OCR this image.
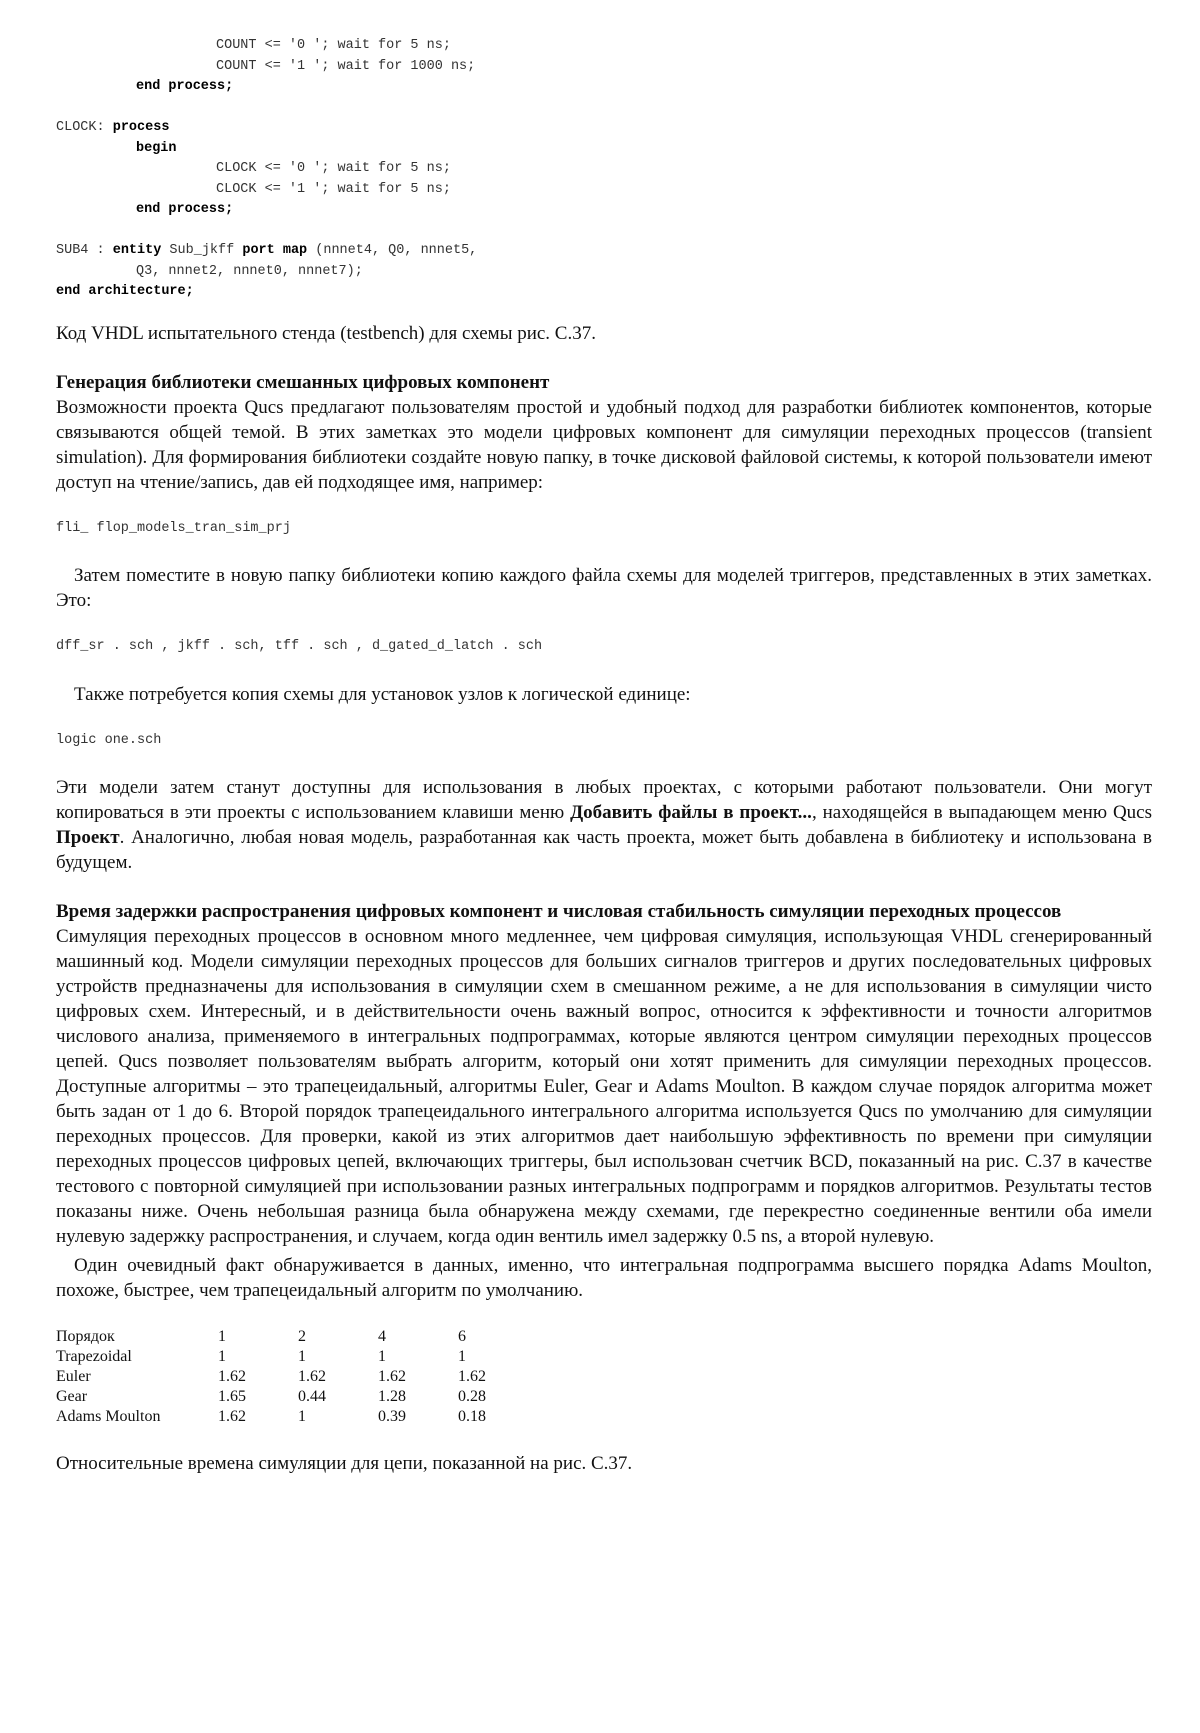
COUNT <= '0 '; wait for 5 ns;
COUNT <= '1 '; wait for 1000 ns;
end process;

CLOCK: process
begin
CLOCK <= '0 '; wait for 5 ns;
CLOCK <= '1 '; wait for 5 ns;
end process;

SUB4 : entity Sub_jkff port map (nnnet4, Q0, nnnet5,
Q3, nnnet2, nnnet0, nnnet7);
end architecture;

Код VHDL испытательного стенда (testbench) для схемы рис. C.37.

Генерация библиотеки смешанных цифровых компонент

Возможности проекта Qucs предлагают пользователям простой и удобный подход для разработки библиотек компонентов, которые связываются общей темой. В этих заметках это модели цифровых компонент для симуляции переходных процессов (transient simulation). Для формирования библиотеки создайте новую папку, в точке дисковой файловой системы, к которой пользователи имеют доступ на чтение/запись, дав ей подходящее имя, например:

fli_ flop_models_tran_sim_prj

Затем поместите в новую папку библиотеки копию каждого файла схемы для моделей триггеров, представленных в этих заметках. Это:

dff_sr . sch , jkff . sch, tff . sch , d_gated_d_latch . sch

Также потребуется копия схемы для установок узлов к логической единице:

logic one.sch

Эти модели затем станут доступны для использования в любых проектах, с которыми работают пользователи. Они могут копироваться в эти проекты с использованием клавиши меню Добавить файлы в проект..., находящейся в выпадающем меню Qucs Проект. Аналогично, любая новая модель, разработанная как часть проекта, может быть добавлена в библиотеку и использована в будущем.

Время задержки распространения цифровых компонент и числовая стабильность симуляции переходных процессов

Симуляция переходных процессов в основном много медленнее, чем цифровая симуляция, использующая VHDL сгенерированный машинный код. Модели симуляции переходных процессов для больших сигналов триггеров и других последовательных цифровых устройств предназначены для использования в симуляции схем в смешанном режиме, а не для использования в симуляции чисто цифровых схем. Интересный, и в действительности очень важный вопрос, относится к эффективности и точности алгоритмов числового анализа, применяемого в интегральных подпрограммах, которые являются центром симуляции переходных процессов цепей. Qucs позволяет пользователям выбрать алгоритм, который они хотят применить для симуляции переходных процессов. Доступные алгоритмы – это трапецеидальный, алгоритмы Euler, Gear и Adams Moulton. В каждом случае порядок алгоритма может быть задан от 1 до 6. Второй порядок трапецеидального интегрального алгоритма используется Qucs по умолчанию для симуляции переходных процессов. Для проверки, какой из этих алгоритмов дает наибольшую эффективность по времени при симуляции переходных процессов цифровых цепей, включающих триггеры, был использован счетчик BCD, показанный на рис. C.37 в качестве тестового с повторной симуляцией при использовании разных интегральных подпрограмм и порядков алгоритмов. Результаты тестов показаны ниже. Очень небольшая разница была обнаружена между схемами, где перекрестно соединенные вентили оба имели нулевую задержку распространения, и случаем, когда один вентиль имел задержку 0.5 ns, а второй нулевую.

Один очевидный факт обнаруживается в данных, именно, что интегральная подпрограмма высшего порядка Adams Moulton, похоже, быстрее, чем трапецеидальный алгоритм по умолчанию.

Порядок	1	2	4	6
Trapezoidal	1	1	1	1
Euler	1.62	1.62	1.62	1.62
Gear	1.65	0.44	1.28	0.28
Adams Moulton	1.62	1	0.39	0.18

Относительные времена симуляции для цепи, показанной на рис. C.37.
